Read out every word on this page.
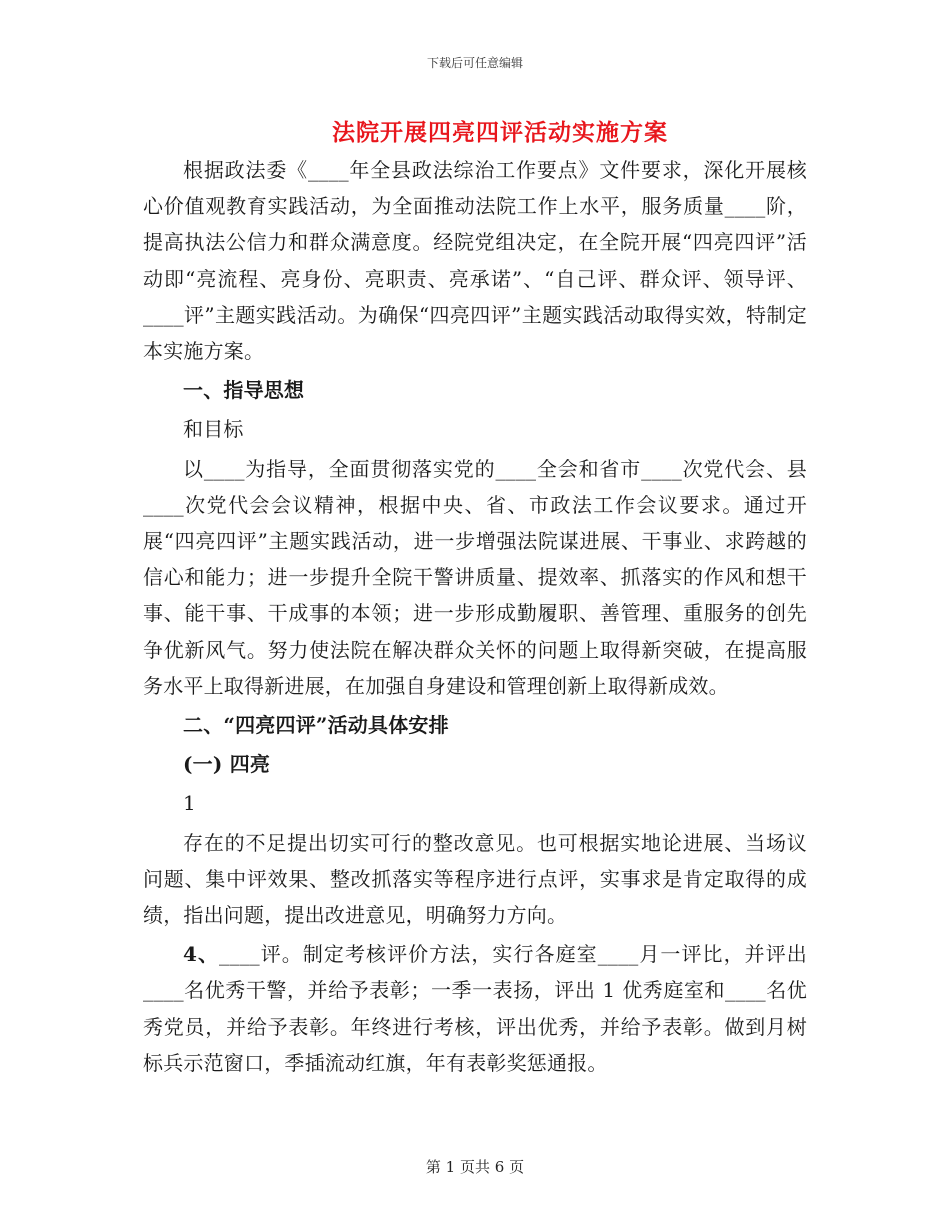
下载后可任意编辑
法院开展四亮四评活动实施方案

根据政法委《____年全县政法综治工作要点》文件要求，深化开展核心价值观教育实践活动，为全面推动法院工作上水平，服务质量____阶，提高执法公信力和群众满意度。经院党组决定，在全院开展“四亮四评”活动即“亮流程、亮身份、亮职责、亮承诺”、“自己评、群众评、领导评、____评”主题实践活动。为确保“四亮四评”主题实践活动取得实效，特制定本实施方案。

一、指导思想

和目标

以____为指导，全面贯彻落实党的____全会和省市____次党代会、县____次党代会会议精神，根据中央、省、市政法工作会议要求。通过开展“四亮四评”主题实践活动，进一步增强法院谋进展、干事业、求跨越的信心和能力；进一步提升全院干警讲质量、提效率、抓落实的作风和想干事、能干事、干成事的本领；进一步形成勤履职、善管理、重服务的创先争优新风气。努力使法院在解决群众关怀的问题上取得新突破，在提高服务水平上取得新进展，在加强自身建设和管理创新上取得新成效。

二、“四亮四评”活动具体安排

(一) 四亮

1

存在的不足提出切实可行的整改意见。也可根据实地论进展、当场议问题、集中评效果、整改抓落实等程序进行点评，实事求是肯定取得的成绩，指出问题，提出改进意见，明确努力方向。

4、____评。制定考核评价方法，实行各庭室____月一评比，并评出____名优秀干警，并给予表彰；一季一表扬，评出 1 优秀庭室和____名优秀党员，并给予表彰。年终进行考核，评出优秀，并给予表彰。做到月树标兵示范窗口，季插流动红旗，年有表彰奖惩通报。

第 1 页共 6 页
